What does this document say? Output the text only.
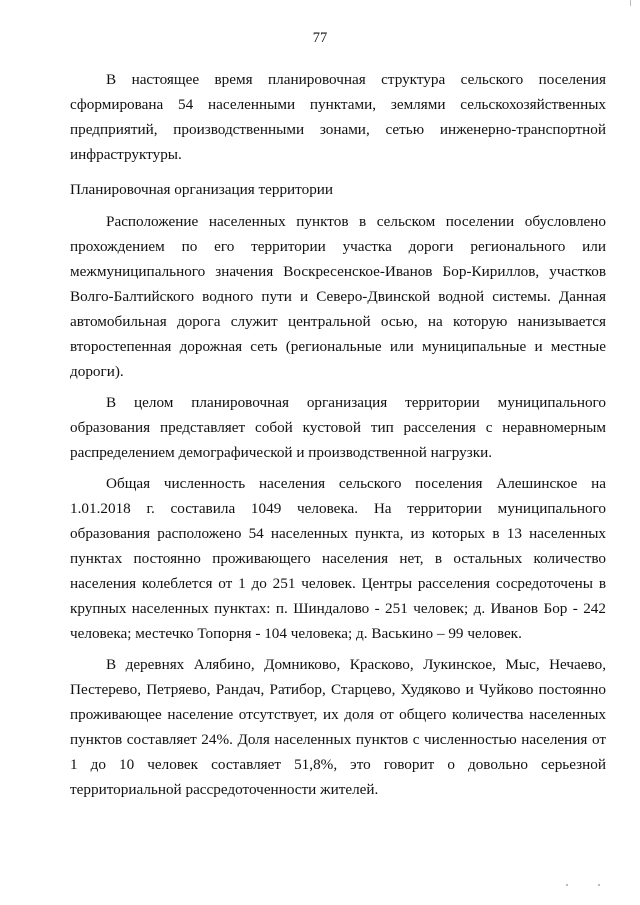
77

В настоящее время планировочная структура сельского поселения сформирована 54 населенными пунктами, землями сельскохозяйственных предприятий, производственными зонами, сетью инженерно-транспортной инфраструктуры.

Планировочная организация территории

Расположение населенных пунктов в сельском поселении обусловлено прохождением по его территории участка дороги регионального или межмуниципального значения Воскресенское-Иванов Бор-Кириллов, участков Волго-Балтийского водного пути и Северо-Двинской водной системы. Данная автомобильная дорога служит центральной осью, на которую нанизывается второстепенная дорожная сеть (региональные или муниципальные и местные дороги).

В целом планировочная организация территории муниципального образования представляет собой кустовой тип расселения с неравномерным распределением демографической и производственной нагрузки.

Общая численность населения сельского поселения Алешинское на 1.01.2018 г. составила 1049 человека. На территории муниципального образования расположено 54 населенных пункта, из которых в 13 населенных пунктах постоянно проживающего населения нет, в остальных количество населения колеблется от 1 до 251 человек. Центры расселения сосредоточены в крупных населенных пунктах: п. Шиндалово - 251 человек; д. Иванов Бор - 242 человека; местечко Топорня - 104 человека; д. Васькино – 99 человек.

В деревнях Алябино, Домниково, Красково, Лукинское, Мыс, Нечаево, Пестерево, Петряево, Рандач, Ратибор, Старцево, Худяково и Чуйково постоянно проживающее население отсутствует, их доля от общего количества населенных пунктов составляет 24%. Доля населенных пунктов с численностью населения от 1 до 10 человек составляет 51,8%, это говорит о довольно серьезной территориальной рассредоточенности жителей.
